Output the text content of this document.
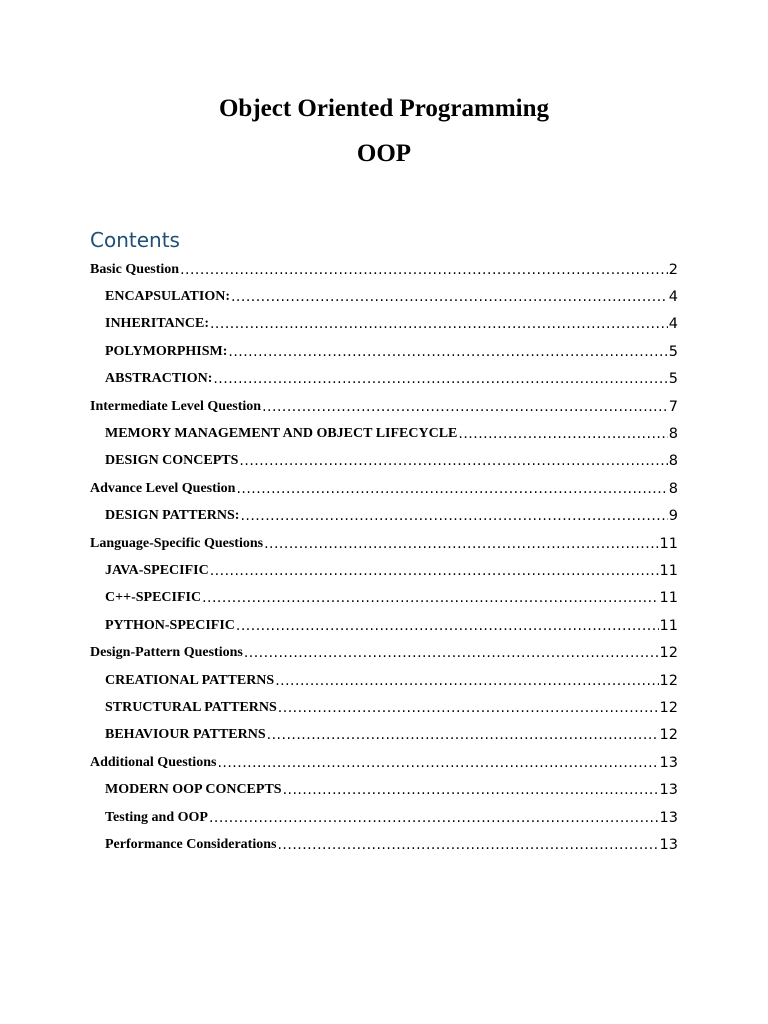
Object Oriented Programming
OOP
Contents
Basic Question .....	2
ENCAPSULATION: .....	4
INHERITANCE: .....	4
POLYMORPHISM: .....	5
ABSTRACTION: .....	5
Intermediate Level Question .....	7
MEMORY MANAGEMENT AND OBJECT LIFECYCLE .....	8
DESIGN CONCEPTS .....	8
Advance Level Question .....	8
DESIGN PATTERNS: .....	9
Language-Specific Questions .....	11
JAVA-SPECIFIC .....	11
C++-SPECIFIC .....	11
PYTHON-SPECIFIC .....	11
Design-Pattern Questions .....	12
CREATIONAL PATTERNS .....	12
STRUCTURAL PATTERNS .....	12
BEHAVIOUR PATTERNS .....	12
Additional Questions .....	13
MODERN OOP CONCEPTS .....	13
Testing and OOP .....	13
Performance Considerations .....	13
